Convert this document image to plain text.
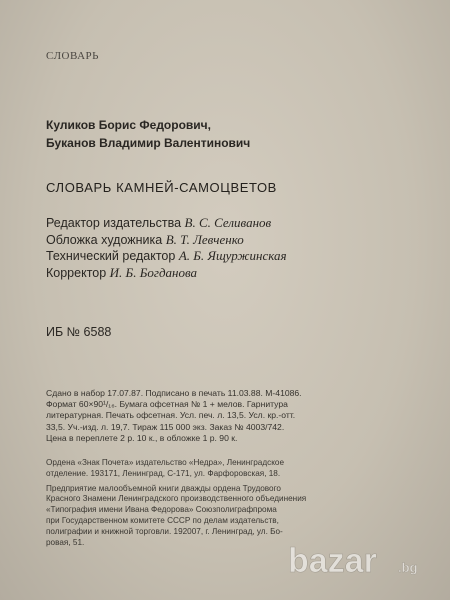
СЛОВАРЬ
Куликов Борис Федорович,
Буканов Владимир Валентинович
СЛОВАРЬ КАМНЕЙ-САМОЦВЕТОВ
Редактор издательства В. С. Селиванов
Обложка художника В. Т. Левченко
Технический редактор А. Б. Ящуржинская
Корректор И. Б. Богданова
ИБ № 6588

Сдано в набор 17.07.87. Подписано в печать 11.03.88. М-41086.

Формат 60×90¹/₁₆. Бумага офсетная № 1 + мелов. Гарнитура

литературная. Печать офсетная. Усл. печ. л. 13,5. Усл. кр.-отт.

33,5. Уч.-изд. л. 19,7. Тираж 115 000 экз. Заказ № 4003/742.

Цена в переплете 2 р. 10 к., в обложке 1 р. 90 к.

Ордена «Знак Почета» издательство «Недра», Ленинградское
отделение. 193171, Ленинград, С-171, ул. Фарфоровская, 18.

Предприятие малообъемной книги дважды ордена Трудового
Красного Знамени Ленинградского производственного объединения
«Типография имени Ивана Федорова» Союзполиграфпрома
при Государственном комитете СССР по делам издательств,
полиграфии и книжной торговли. 192007, г. Ленинград, ул. Бо-
ровая, 51.	bazar .bg
